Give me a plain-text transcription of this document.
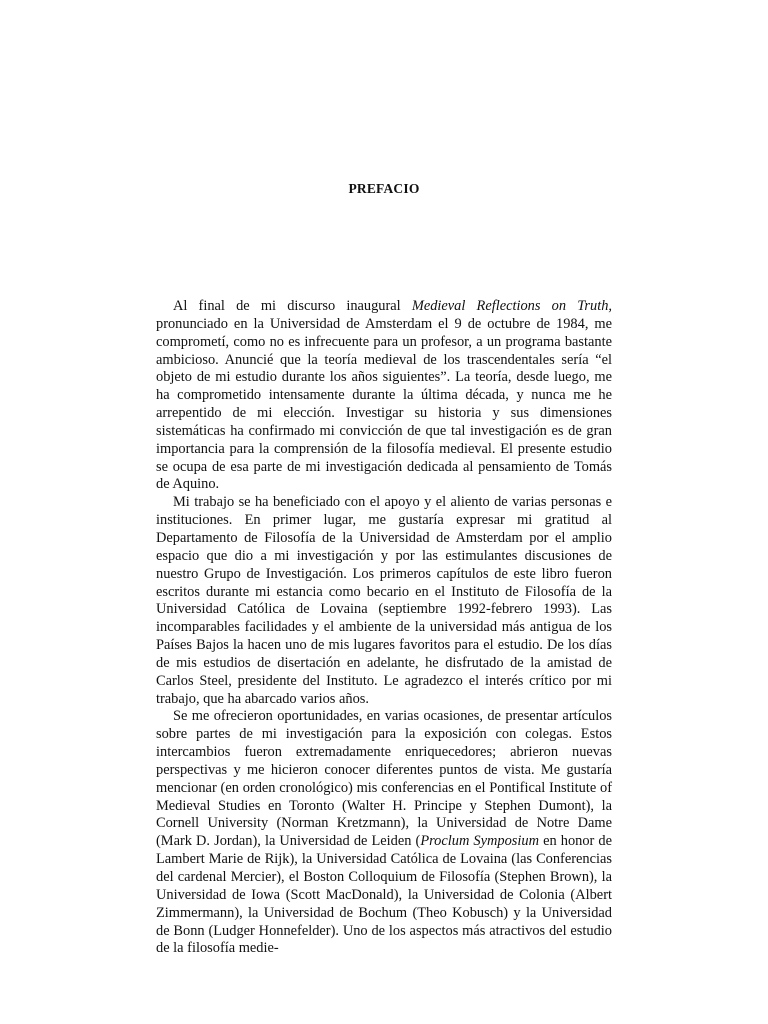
PREFACIO

Al final de mi discurso inaugural Medieval Reflections on Truth, pronunciado en la Universidad de Amsterdam el 9 de octubre de 1984, me comprometí, como no es infrecuente para un profesor, a un programa bastante ambicioso. Anuncié que la teoría medieval de los trascendentales sería “el objeto de mi estudio durante los años siguientes”. La teoría, desde luego, me ha comprometido intensamente durante la última década, y nunca me he arrepentido de mi elección. Investigar su historia y sus dimensiones sistemáticas ha confirmado mi convicción de que tal investigación es de gran importancia para la comprensión de la filosofía medieval. El presente estudio se ocupa de esa parte de mi investigación dedicada al pensamiento de Tomás de Aquino.

Mi trabajo se ha beneficiado con el apoyo y el aliento de varias personas e instituciones. En primer lugar, me gustaría expresar mi gratitud al Departamento de Filosofía de la Universidad de Amsterdam por el amplio espacio que dio a mi investigación y por las estimulantes discusiones de nuestro Grupo de Investigación. Los primeros capítulos de este libro fueron escritos durante mi estancia como becario en el Instituto de Filosofía de la Universidad Católica de Lovaina (septiembre 1992-febrero 1993). Las incomparables facilidades y el ambiente de la universidad más antigua de los Países Bajos la hacen uno de mis lugares favoritos para el estudio. De los días de mis estudios de disertación en adelante, he disfrutado de la amistad de Carlos Steel, presidente del Instituto. Le agradezco el interés crítico por mi trabajo, que ha abarcado varios años.

Se me ofrecieron oportunidades, en varias ocasiones, de presentar artículos sobre partes de mi investigación para la exposición con colegas. Estos intercambios fueron extremadamente enriquecedores; abrieron nuevas perspectivas y me hicieron conocer diferentes puntos de vista. Me gustaría mencionar (en orden cronológico) mis conferencias en el Pontifical Institute of Medieval Studies en Toronto (Walter H. Principe y Stephen Dumont), la Cornell University (Norman Kretzmann), la Universidad de Notre Dame (Mark D. Jordan), la Universidad de Leiden (Proclum Symposium en honor de Lambert Marie de Rijk), la Universidad Católica de Lovaina (las Conferencias del cardenal Mercier), el Boston Colloquium de Filosofía (Stephen Brown), la Universidad de Iowa (Scott MacDonald), la Universidad de Colonia (Albert Zimmermann), la Universidad de Bochum (Theo Kobusch) y la Universidad de Bonn (Ludger Honnefelder). Uno de los aspectos más atractivos del estudio de la filosofía medie-
